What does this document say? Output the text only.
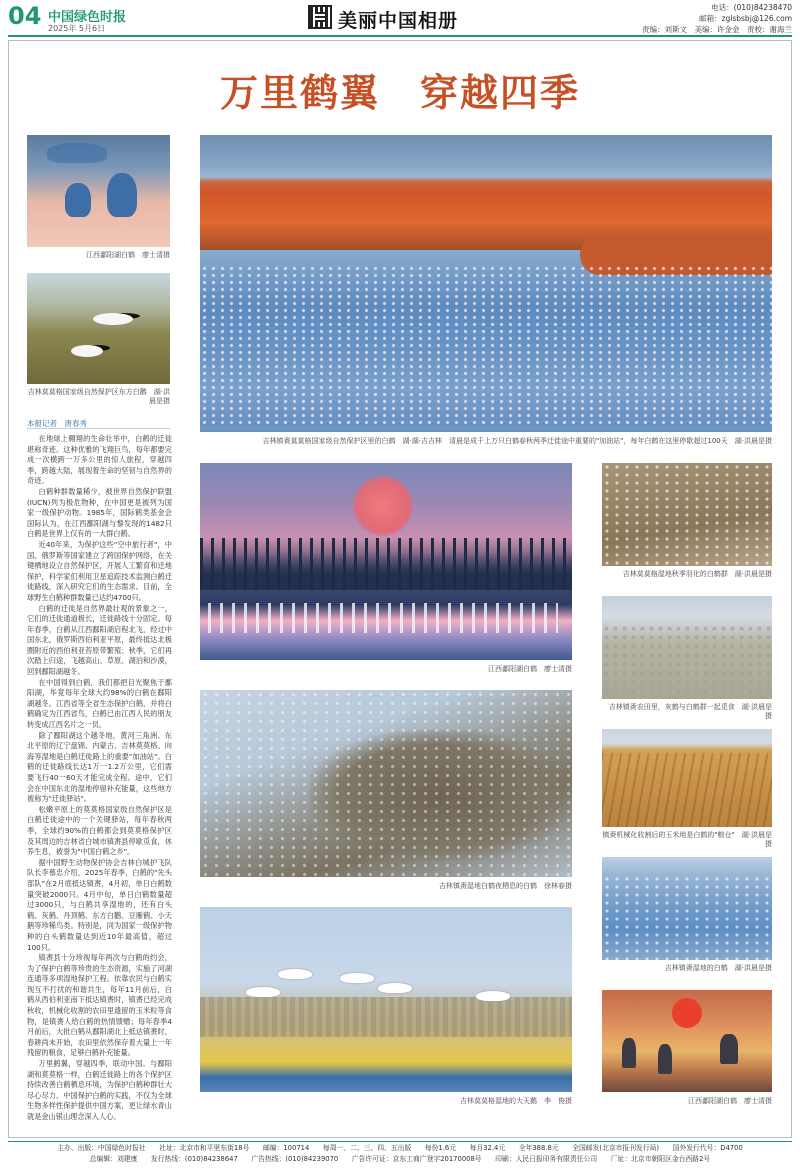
04 中国绿色时报
2025年 5月6日	美丽中国相册
电话：(010)84238470
邮箱：zglsbsbj@126.com
责编：刘斯文　美编：许金金　责校：谢海兰
万里鹤翼　穿越四季
吉林镇赉莫莫格国家级自然保护区里的白鹤　湖·湖·吉吉林　清晨是成千上万只白鹤春秋两季迁徙途中重要的"加油站"，每年白鹤在这里停歇超过100天　湖·洪晨是摄
江西鄱阳湖白鹤　廖士清摄
吉林莫莫格国家级自然保护区东方白鹳　湖·洪晨是摄
江西鄱阳湖白鹤　廖士清摄
吉林镇赉湿地白鹤夜栖息的白鹤　徐林春摄
吉林莫莫格湿地的大天鹅　李　俊摄
吉林莫莫格湿地秋季羽化的白鹤群　湖·洪晨是摄
吉林镇赉农田里，灰鹤与白鹤群一起觅食　湖·洪晨是摄
镇赉机械化收割后的玉米地是白鹤的"粮仓"　湖·洪晨是摄
吉林镇赉湿地的白鹤　湖·洪晨是摄
江西鄱阳湖白鹤　廖士清摄
本报记者　唐春秀

在地球上翱翔的生命壮举中，白鹤的迁徙堪称奇迹。这种优雅的飞翔巨鸟，每年都要完成一次横跨一万多公里的惊人旅程，穿越四季，跨越大陆，展现着生命的坚韧与自然界的奇迹。

白鹤种群数量稀少，被世界自然保护联盟(IUCN)列为极危物种，在中国更是被列为国家一级保护动物。1985年，国际鹤类基金会国际认为，在江西鄱阳湖与黎发现的1482只白鹤是世界上仅有的一大群白鹤。

近40年来，为保护这些"空中旅行者"，中国、俄罗斯等国家建立了跨国保护网络，在关键栖地设立自然保护区，开展人工繁育和迁地保护，科学家们利用卫星追踪技术监测白鹤迁徙路线，深入研究它们的生态需求。目前，全球野生白鹤种群数量已达约4700只。

白鹤的迁徙是自然界最壮观的景象之一，它们的迁徙通道极长，迁徙路线十分固定。每年春季，白鹤从江西鄱阳湖启程北飞，经过中国东北，俄罗斯西伯利亚平原，最终抵达北极圈附近的西伯利亚苔原带繁殖；秋季，它们再次踏上归途，飞越高山、草原、湖泊和沙漠，回到鄱阳湖越冬。

在中国得到白鹤，我们都把目光聚焦于鄱阳湖，毕竟每年全球大约98%的白鹤在鄱阳湖越冬。江西省等全省生态保护白鹤，并将白鹤确定为江西省鸟，白鹤已由江西人民的朋友转变成江西名片之一员。

除了鄱阳湖这个越冬地，黄河三角洲、东北平原的辽宁盘锦、内蒙古、吉林莫莫格、向海等湿地是白鹤迁徙路上的重要"加油站"。白鹤的迁徙路线长达1万一1.2万公里，它们需要飞行40一60天才能完成全程。途中，它们会在中国东北的湿地停留补充能量，这些地方被称为"迁徙驿站"。

松嫩平原上的莫莫格国家级自然保护区是白鹤迁徙途中的一个关键驿站，每年春秋两季，全球约90%的白鹤都会到莫莫格保护区及其周边的吉林省白城市镇赉县停歇觅食，休养生息，被誉为"中国白鹤之乡"。

据中国野生动物保护协会吉林白城护飞队队长李慕忠介绍，2025年春季，白鹤的"先头部队"在2月底抵达镇赉，4月初，单日白鹤数量突破2000只。4月中旬，单日白鹤数量超过3000只，与白鹤共享湿地的，还有白头鹤、灰鹤、丹顶鹤、东方白鹳、豆雁鹤、小天鹅等珍稀鸟类。特别是，同为国家一级保护物种的白头鹤数量达到近10年最高值，超过100只。

镇赉县十分珍视每年两次与白鹤的约会，为了保护白鹤等珍贵的生态资源，实施了河湖连通等多项湿地保护工程。依靠农民与白鹤实现互不打扰的和谐共生，每年11月前后，白鹤从西伯利亚南下抵达镇赉时，镇赉已经完成秋收，机械化收割的农田里遗留的玉米粒等食物，是镇赉人给白鹤的热情馈赠；每年春季4月前后，大批白鹤从鄱阳湖北上抵达镇赉时，春耕尚未开始，农田里依然保存着大量上一年残留的粮食，足够白鹤补充能量。

万里鹤翼，穿越四季，联动中国。与鄱阳湖和莫莫格一样，白鹤迁徙路上的各个保护区持续改善白鹤栖息环境，为保护白鹤种群壮大尽心尽力。中国保护白鹤的实践，不仅为全球生物多样性保护提供中国方案，更让绿水青山就是金山银山理念深入人心。

主办、出版：中国绿色时报社　　社址：北京市和平里东街18号　　邮编：100714　　每周一、二、三、四、五出版　　每份1.6元　　每月32.4元　　全年388.8元　　全国邮发(北京市报刊发行局)　　国外发行代号：D4700
总编辑：刘建康　　发行热线：(010)84238647　　广告热线：(010)84239070　　广告许可证：京东工商广登字20170008号　　印刷：人民日报印务有限责任公司　　厂址：北京市朝阳区金台西路2号
